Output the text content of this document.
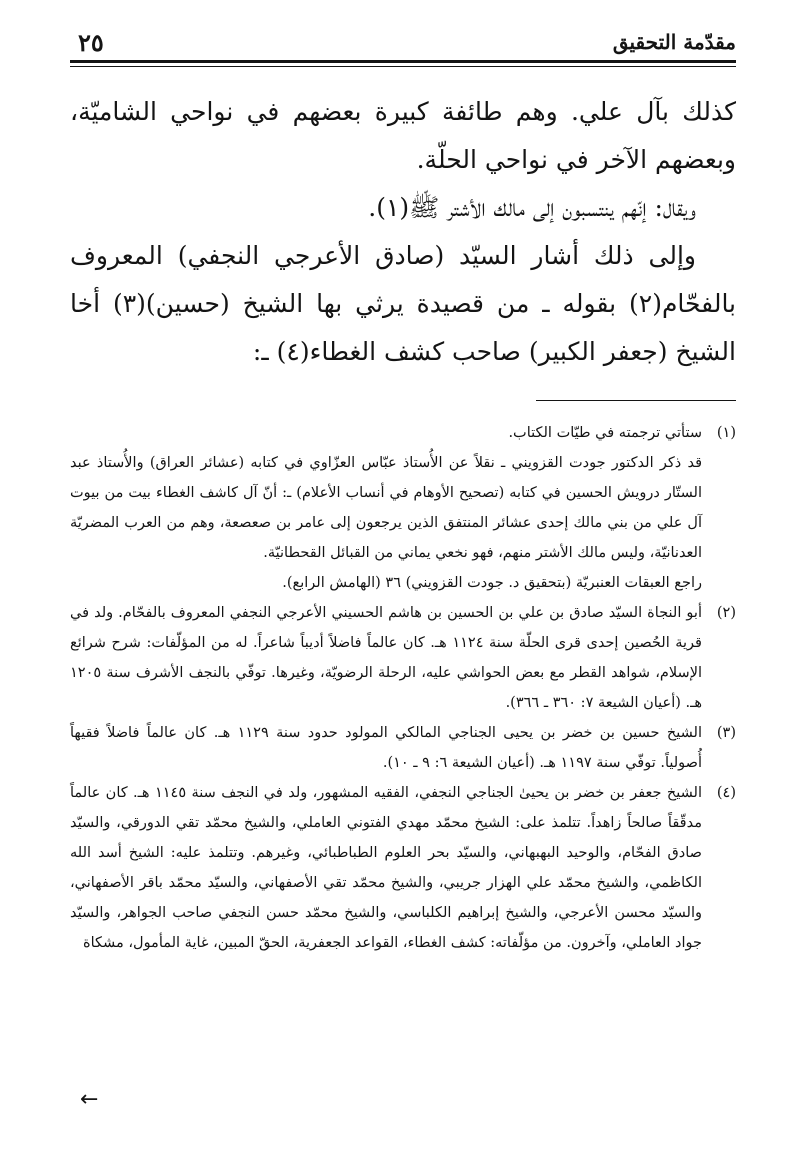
مقدّمة التحقيق
٢٥

كذلك بآل علي. وهم طائفة كبيرة بعضهم في نواحي الشاميّة، وبعضهم الآخر في نواحي الحلّة.

ويقال: إنّهم ينتسبون إلى مالك الأشتر ﷺ(١).

وإلى ذلك أشار السيّد (صادق الأعرجي النجفي) المعروف بالفحّام(٢) بقوله ـ من قصيدة يرثي بها الشيخ (حسين)(٣) أخا الشيخ (جعفر الكبير) صاحب كشف الغطاء(٤) ـ:

(١)
ستأتي ترجمته في طيّات الكتاب.

قد ذكر الدكتور جودت القزويني ـ نقلاً عن الأُستاذ عبّاس العزّاوي في كتابه (عشائر العراق) والأُستاذ عبد الستّار درويش الحسين في كتابه (تصحيح الأوهام في أنساب الأعلام) ـ: أنّ آل كاشف الغطاء بيت من بيوت آل علي من بني مالك إحدى عشائر المنتفق الذين يرجعون إلى عامر بن صعصعة، وهم من العرب المضريّة العدنانيّة، وليس مالك الأشتر منهم، فهو نخعي يماني من القبائل القحطانيّة.

راجع العبقات العنبريّة (بتحقيق د. جودت القزويني) ٣٦ (الهامش الرابع).

(٢)
أبو النجاة السيّد صادق بن علي بن الحسين بن هاشم الحسيني الأعرجي النجفي المعروف بالفحّام. ولد في قرية الحُصين إحدى قرى الحلّة سنة ١١٢٤ هـ. كان عالماً فاضلاً أديباً شاعراً. له من المؤلّفات: شرح شرائع الإسلام، شواهد القطر مع بعض الحواشي عليه، الرحلة الرضويّة، وغيرها. توفّي بالنجف الأشرف سنة ١٢٠٥ هـ. (أعيان الشيعة ٧: ٣٦٠ ـ ٣٦٦).

(٣)
الشيخ حسين بن خضر بن يحيى الجناجي المالكي المولود حدود سنة ١١٢٩ هـ. كان عالماً فاضلاً فقيهاً أُصولياً. توفّي سنة ١١٩٧ هـ. (أعيان الشيعة ٦: ٩ ـ ١٠).

(٤)
الشيخ جعفر بن خضر بن يحيىٰ الجناجي النجفي، الفقيه المشهور، ولد في النجف سنة ١١٤٥ هـ. كان عالماً مدقّقاً صالحاً زاهداً. تتلمذ على: الشيخ محمّد مهدي الفتوني العاملي، والشيخ محمّد تقي الدورقي، والسيّد صادق الفحّام، والوحيد البهبهاني، والسيّد بحر العلوم الطباطبائي، وغيرهم. وتتلمذ عليه: الشيخ أسد الله الكاظمي، والشيخ محمّد علي الهزار جريبي، والشيخ محمّد تقي الأصفهاني، والسيّد محمّد باقر الأصفهاني، والسيّد محسن الأعرجي، والشيخ إبراهيم الكلباسي، والشيخ محمّد حسن النجفي صاحب الجواهر، والسيّد جواد العاملي، وآخرون. من مؤلّفاته: كشف الغطاء، القواعد الجعفرية، الحقّ المبين، غاية المأمول، مشكاة

←
